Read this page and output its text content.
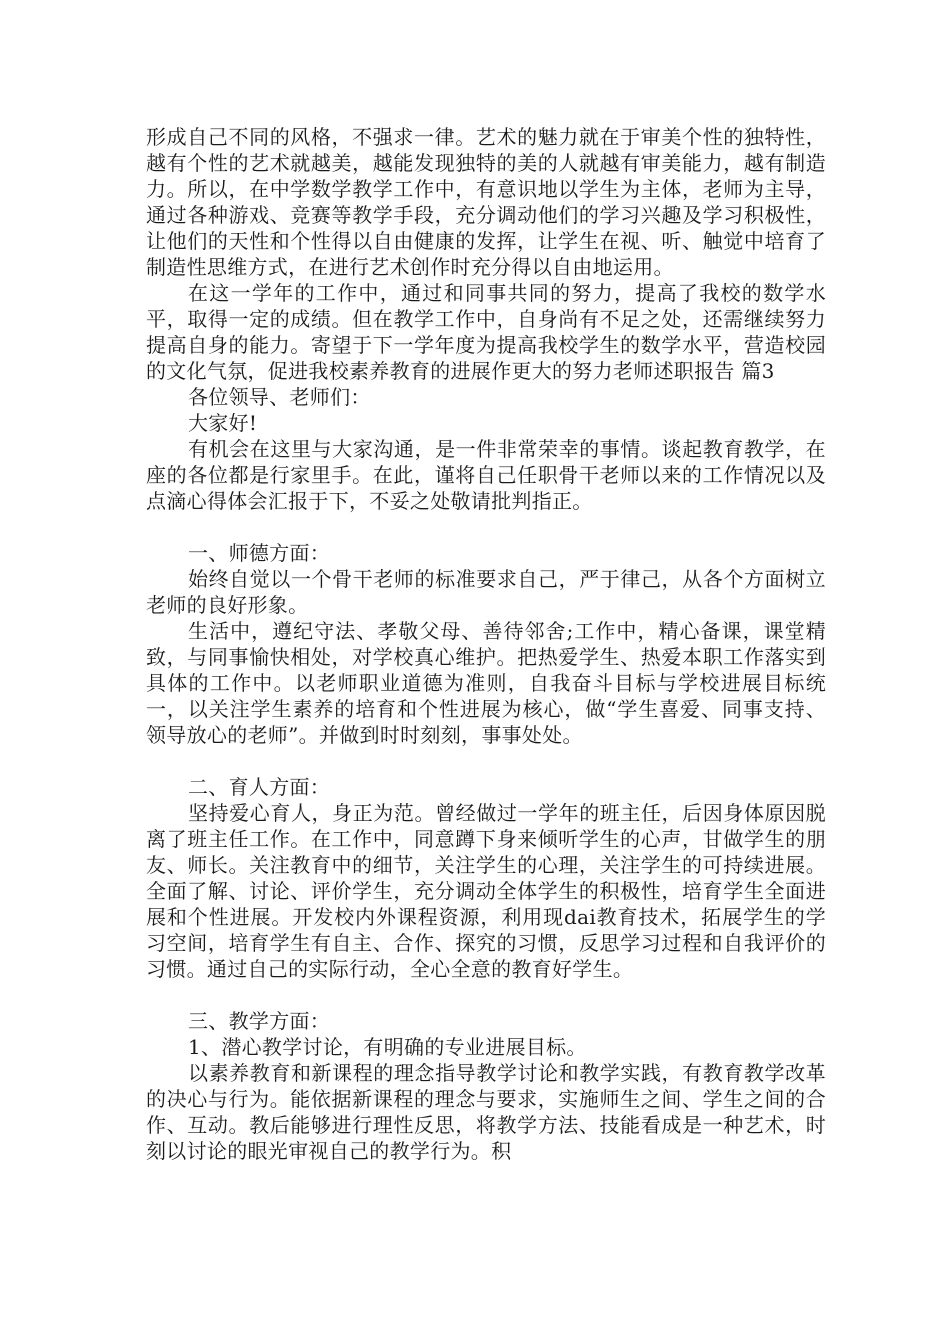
形成自己不同的风格，不强求一律。艺术的魅力就在于审美个性的独特性，越有个性的艺术就越美，越能发现独特的美的人就越有审美能力，越有制造力。所以，在中学数学教学工作中，有意识地以学生为主体，老师为主导，通过各种游戏、竞赛等教学手段，充分调动他们的学习兴趣及学习积极性，让他们的天性和个性得以自由健康的发挥，让学生在视、听、触觉中培育了制造性思维方式，在进行艺术创作时充分得以自由地运用。

在这一学年的工作中，通过和同事共同的努力，提高了我校的数学水平，取得一定的成绩。但在教学工作中，自身尚有不足之处，还需继续努力提高自身的能力。寄望于下一学年度为提高我校学生的数学水平，营造校园的文化气氛，促进我校素养教育的进展作更大的努力老师述职报告 篇3

各位领导、老师们：

大家好!

有机会在这里与大家沟通，是一件非常荣幸的事情。谈起教育教学，在座的各位都是行家里手。在此，谨将自己任职骨干老师以来的工作情况以及点滴心得体会汇报于下，不妥之处敬请批判指正。

一、师德方面：

始终自觉以一个骨干老师的标准要求自己，严于律己，从各个方面树立老师的良好形象。

生活中，遵纪守法、孝敬父母、善待邻舍;工作中，精心备课，课堂精致，与同事愉快相处，对学校真心维护。把热爱学生、热爱本职工作落实到具体的工作中。以老师职业道德为准则，自我奋斗目标与学校进展目标统一，以关注学生素养的培育和个性进展为核心，做“学生喜爱、同事支持、领导放心的老师”。并做到时时刻刻，事事处处。

二、育人方面：

坚持爱心育人，身正为范。曾经做过一学年的班主任，后因身体原因脱离了班主任工作。在工作中，同意蹲下身来倾听学生的心声，甘做学生的朋友、师长。关注教育中的细节，关注学生的心理，关注学生的可持续进展。全面了解、讨论、评价学生，充分调动全体学生的积极性，培育学生全面进展和个性进展。开发校内外课程资源，利用现dai教育技术，拓展学生的学习空间，培育学生有自主、合作、探究的习惯，反思学习过程和自我评价的习惯。通过自己的实际行动，全心全意的教育好学生。

三、教学方面：

1、潜心教学讨论，有明确的专业进展目标。

以素养教育和新课程的理念指导教学讨论和教学实践，有教育教学改革的决心与行为。能依据新课程的理念与要求，实施师生之间、学生之间的合作、互动。教后能够进行理性反思，将教学方法、技能看成是一种艺术，时刻以讨论的眼光审视自己的教学行为。积
